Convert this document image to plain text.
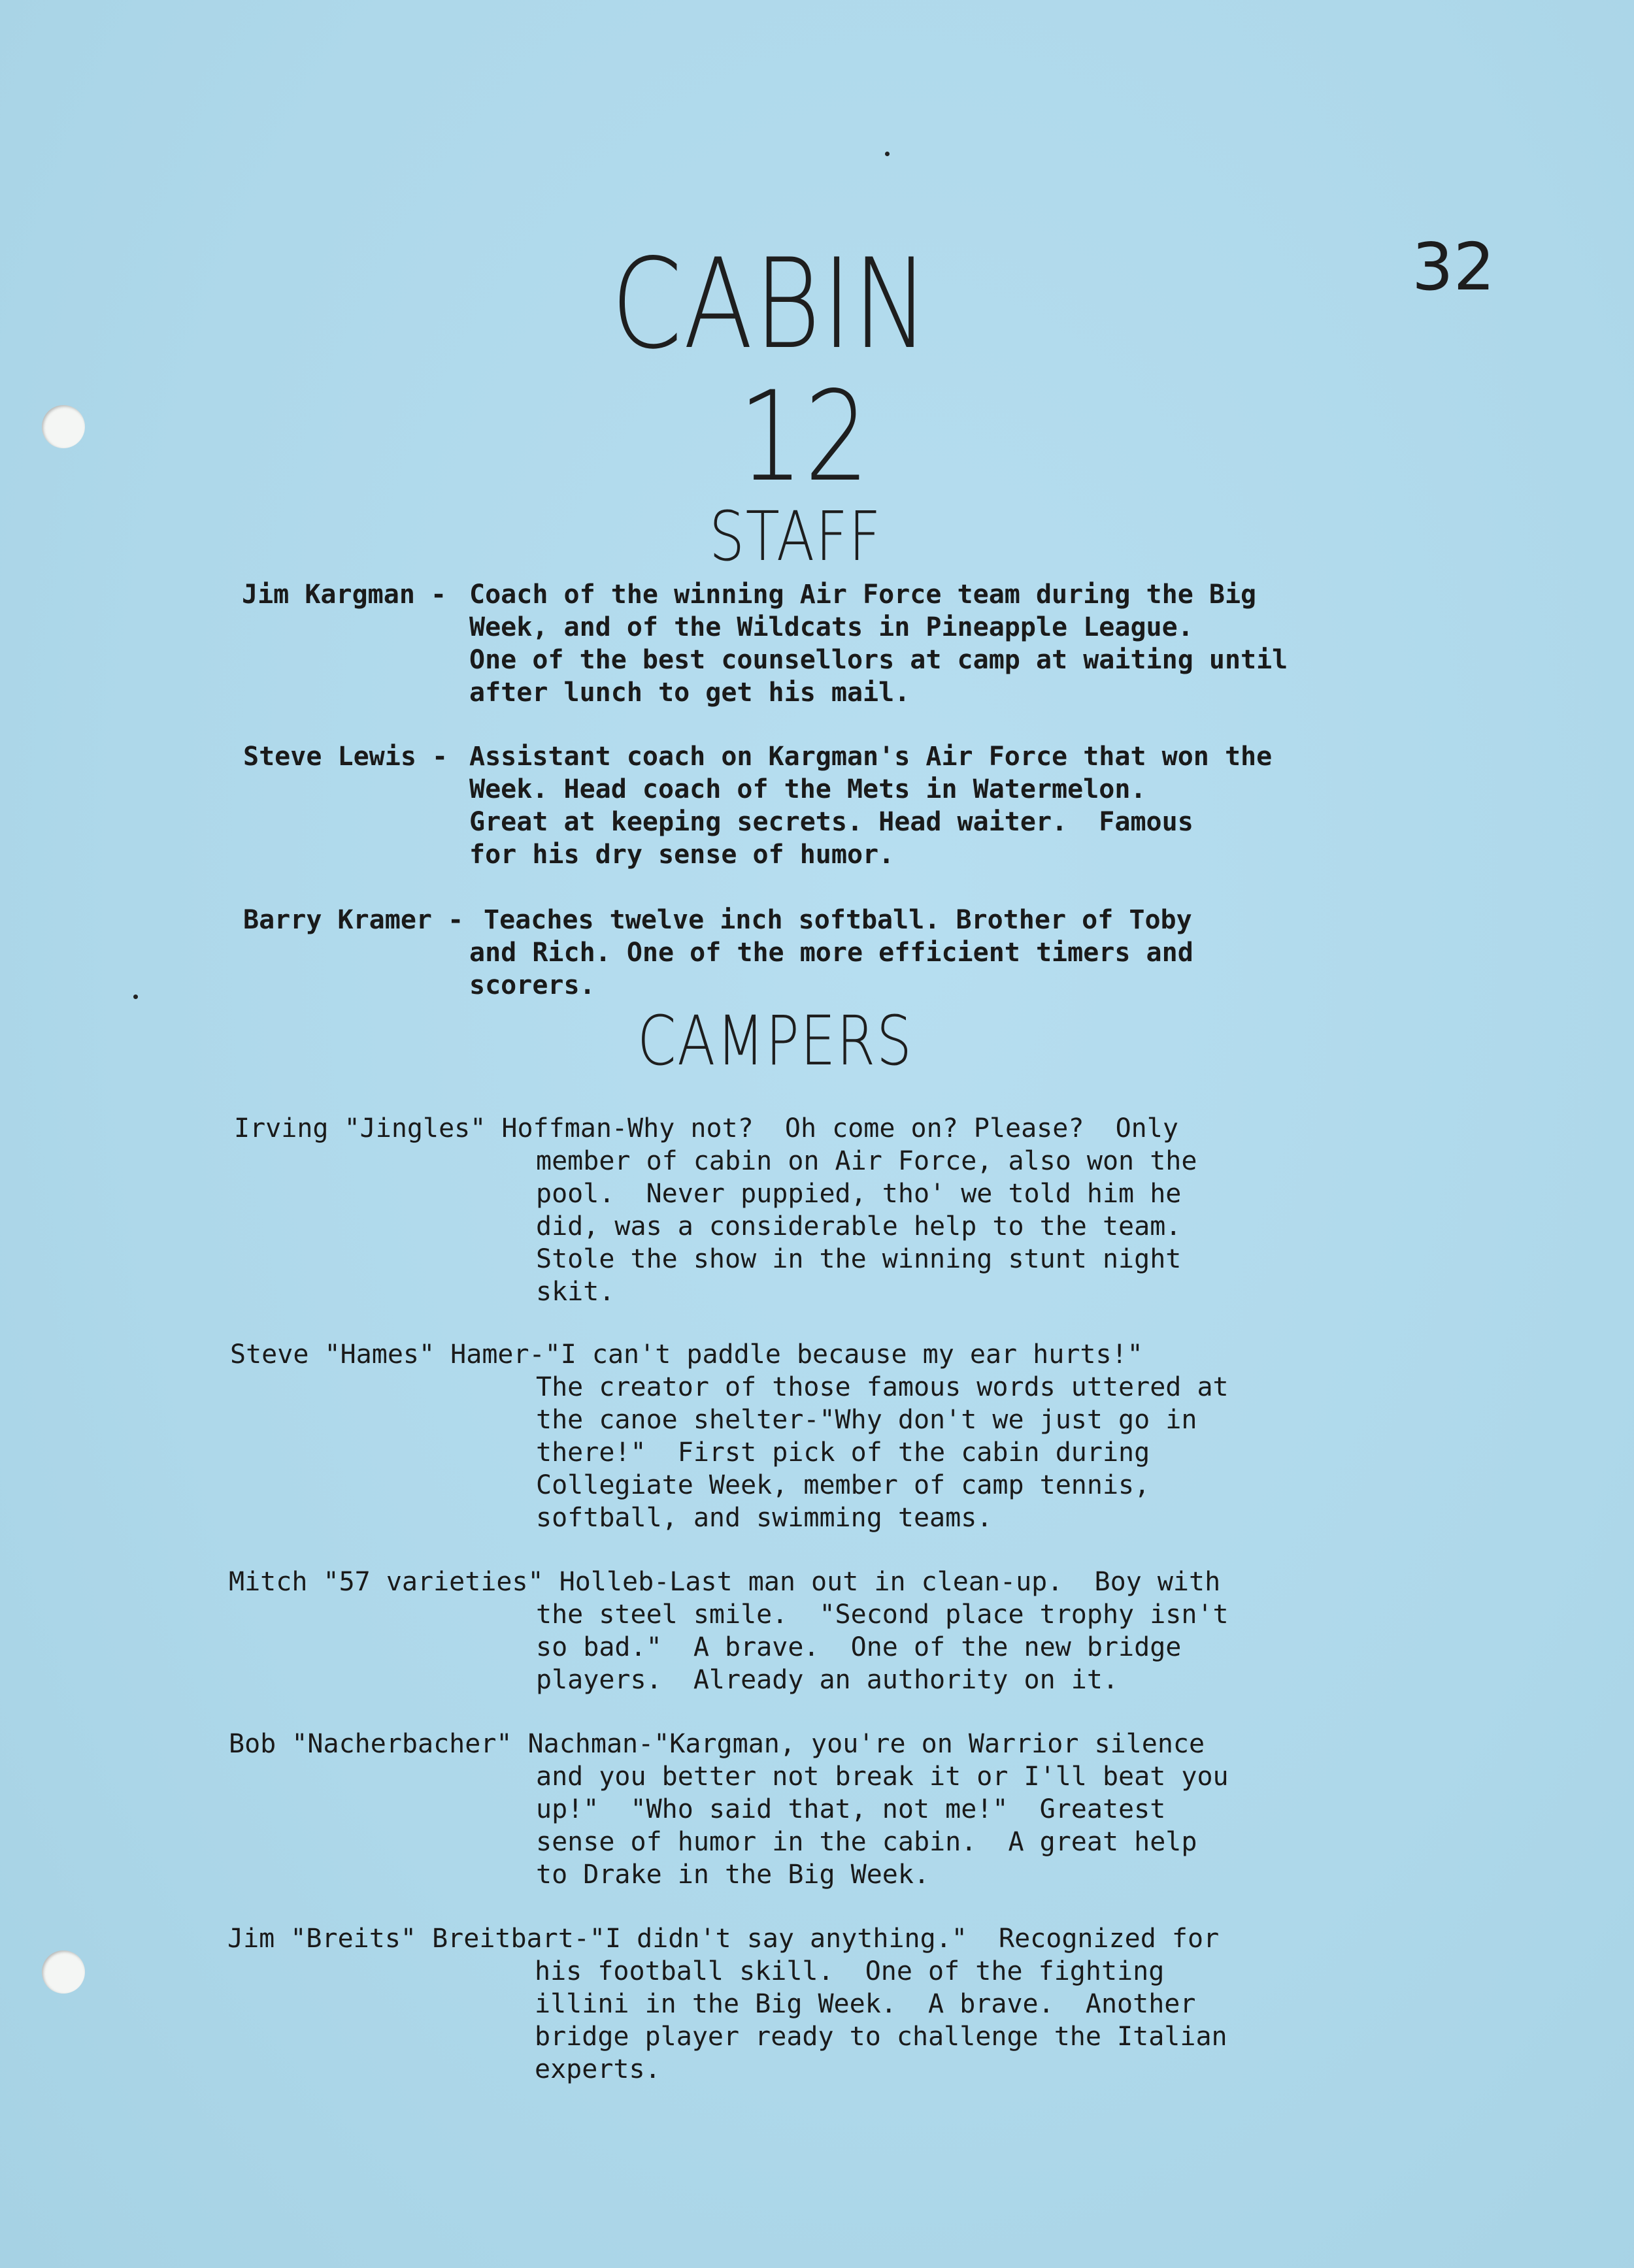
32
CABIN
12
STAFF
CAMPERS
Jim Kargman - Coach of the winning Air Force team during the Big
Week, and of the Wildcats in Pineapple League.
One of the best counsellors at camp at waiting until
after lunch to get his mail.
Steve Lewis - Assistant coach on Kargman's Air Force that won the
Week. Head coach of the Mets in Watermelon.
Great at keeping secrets. Head waiter.  Famous
for his dry sense of humor.
Barry Kramer - Teaches twelve inch softball. Brother of Toby
and Rich. One of the more efficient timers and
scorers.
Irving "Jingles" Hoffman-Why not?  Oh come on? Please?  Only
member of cabin on Air Force, also won the
pool.  Never puppied, tho' we told him he
did, was a considerable help to the team.
Stole the show in the winning stunt night
skit.
Steve "Hames" Hamer-"I can't paddle because my ear hurts!"
The creator of those famous words uttered at
the canoe shelter-"Why don't we just go in
there!"  First pick of the cabin during
Collegiate Week, member of camp tennis,
softball, and swimming teams.
Mitch "57 varieties" Holleb-Last man out in clean-up.  Boy with
the steel smile.  "Second place trophy isn't
so bad."  A brave.  One of the new bridge
players.  Already an authority on it.
Bob "Nacherbacher" Nachman-"Kargman, you're on Warrior silence
and you better not break it or I'll beat you
up!"  "Who said that, not me!"  Greatest
sense of humor in the cabin.  A great help
to Drake in the Big Week.
Jim "Breits" Breitbart-"I didn't say anything."  Recognized for
his football skill.  One of the fighting
illini in the Big Week.  A brave.  Another
bridge player ready to challenge the Italian
experts.
